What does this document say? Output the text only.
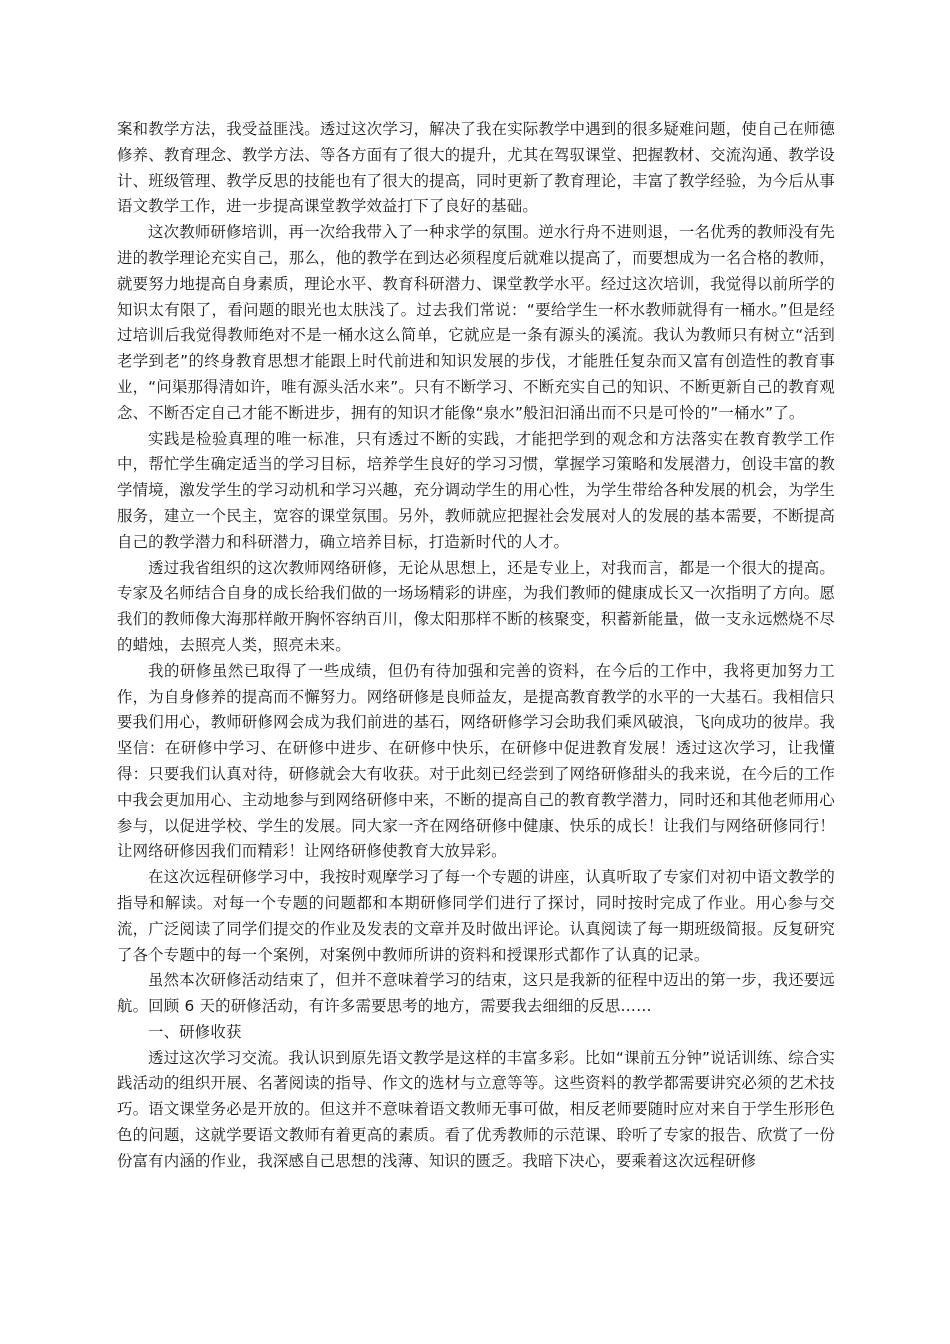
案和教学方法，我受益匪浅。透过这次学习，解决了我在实际教学中遇到的很多疑难问题，使自己在师德修养、教育理念、教学方法、等各方面有了很大的提升，尤其在驾驭课堂、把握教材、交流沟通、教学设计、班级管理、教学反思的技能也有了很大的提高，同时更新了教育理论，丰富了教学经验，为今后从事语文教学工作，进一步提高课堂教学效益打下了良好的基础。

这次教师研修培训，再一次给我带入了一种求学的氛围。逆水行舟不进则退，一名优秀的教师没有先进的教学理论充实自己，那么，他的教学在到达必须程度后就难以提高了，而要想成为一名合格的教师，就要努力地提高自身素质，理论水平、教育科研潜力、课堂教学水平。经过这次培训，我觉得以前所学的知识太有限了，看问题的眼光也太肤浅了。过去我们常说：“要给学生一杯水教师就得有一桶水。”但是经过培训后我觉得教师绝对不是一桶水这么简单，它就应是一条有源头的溪流。我认为教师只有树立“活到老学到老”的终身教育思想才能跟上时代前进和知识发展的步伐，才能胜任复杂而又富有创造性的教育事业，“问渠那得清如许，唯有源头活水来”。只有不断学习、不断充实自己的知识、不断更新自己的教育观念、不断否定自己才能不断进步，拥有的知识才能像“泉水”般汩汩涌出而不只是可怜的”一桶水”了。

实践是检验真理的唯一标准，只有透过不断的实践，才能把学到的观念和方法落实在教育教学工作中，帮忙学生确定适当的学习目标，培养学生良好的学习习惯，掌握学习策略和发展潜力，创设丰富的教学情境，激发学生的学习动机和学习兴趣，充分调动学生的用心性，为学生带给各种发展的机会，为学生服务，建立一个民主，宽容的课堂氛围。另外，教师就应把握社会发展对人的发展的基本需要，不断提高自己的教学潜力和科研潜力，确立培养目标，打造新时代的人才。

透过我省组织的这次教师网络研修，无论从思想上，还是专业上，对我而言，都是一个很大的提高。专家及名师结合自身的成长给我们做的一场场精彩的讲座，为我们教师的健康成长又一次指明了方向。愿我们的教师像大海那样敞开胸怀容纳百川，像太阳那样不断的核聚变，积蓄新能量，做一支永远燃烧不尽的蜡烛，去照亮人类，照亮未来。

我的研修虽然已取得了一些成绩，但仍有待加强和完善的资料，在今后的工作中，我将更加努力工作，为自身修养的提高而不懈努力。网络研修是良师益友，是提高教育教学的水平的一大基石。我相信只要我们用心，教师研修网会成为我们前进的基石，网络研修学习会助我们乘风破浪，飞向成功的彼岸。我坚信：在研修中学习、在研修中进步、在研修中快乐，在研修中促进教育发展！透过这次学习，让我懂得：只要我们认真对待，研修就会大有收获。对于此刻已经尝到了网络研修甜头的我来说，在今后的工作中我会更加用心、主动地参与到网络研修中来，不断的提高自己的教育教学潜力，同时还和其他老师用心参与，以促进学校、学生的发展。同大家一齐在网络研修中健康、快乐的成长！让我们与网络研修同行！让网络研修因我们而精彩！让网络研修使教育大放异彩。

在这次远程研修学习中，我按时观摩学习了每一个专题的讲座，认真听取了专家们对初中语文教学的指导和解读。对每一个专题的问题都和本期研修同学们进行了探讨，同时按时完成了作业。用心参与交流，广泛阅读了同学们提交的作业及发表的文章并及时做出评论。认真阅读了每一期班级简报。反复研究了各个专题中的每一个案例，对案例中教师所讲的资料和授课形式都作了认真的记录。

虽然本次研修活动结束了，但并不意味着学习的结束，这只是我新的征程中迈出的第一步，我还要远航。回顾 6 天的研修活动，有许多需要思考的地方，需要我去细细的反思……

一、研修收获

透过这次学习交流。我认识到原先语文教学是这样的丰富多彩。比如“课前五分钟”说话训练、综合实践活动的组织开展、名著阅读的指导、作文的选材与立意等等。这些资料的教学都需要讲究必须的艺术技巧。语文课堂务必是开放的。但这并不意味着语文教师无事可做，相反老师要随时应对来自于学生形形色色的问题，这就学要语文教师有着更高的素质。看了优秀教师的示范课、聆听了专家的报告、欣赏了一份份富有内涵的作业，我深感自己思想的浅薄、知识的匮乏。我暗下决心，要乘着这次远程研修
